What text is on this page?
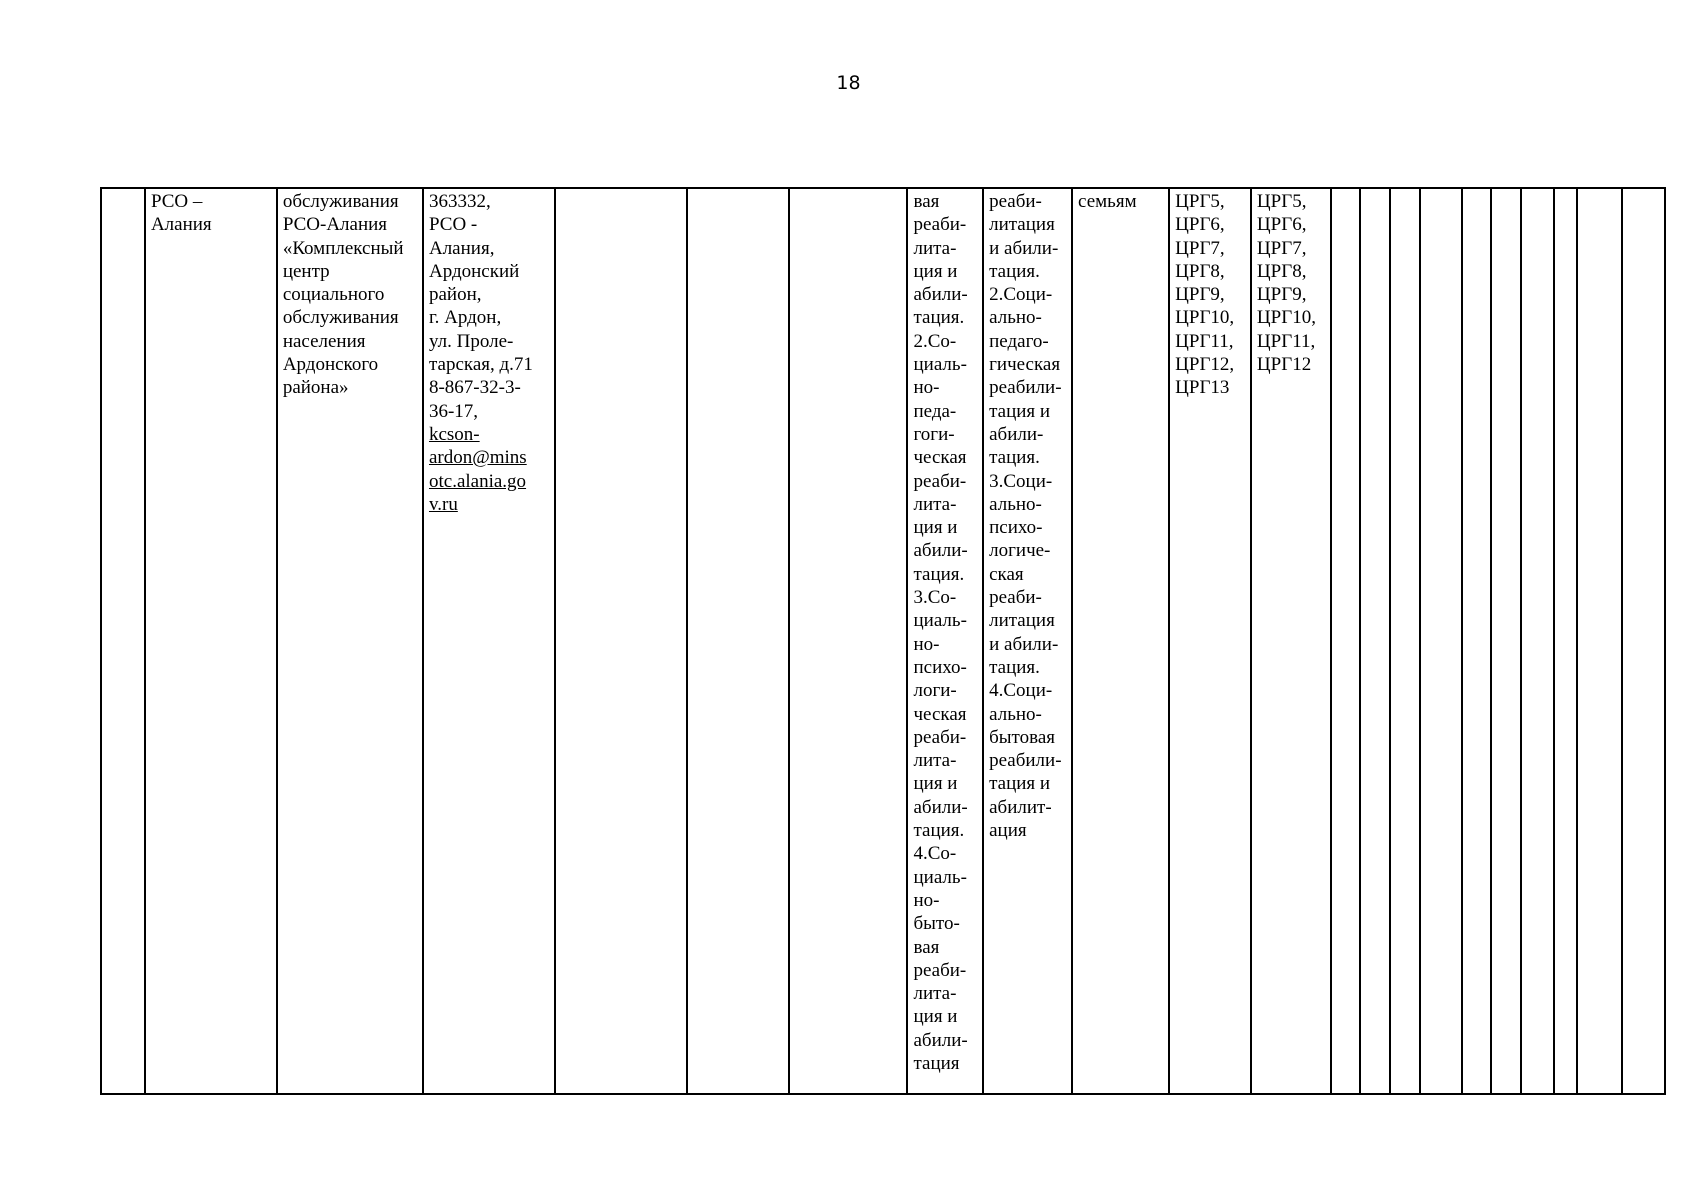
18
	РСО –
Алания	обслуживания
РСО-Алания
«Комплексный
центр
социального
обслуживания
населения
Ардонского
района»	363332,
РСО -
Алания,
Ардонский
район,
г. Ардон,
ул. Проле-
тарская, д.71
8-867-32-3-
36-17,
kcson-
ardon@mins
otc.alania.go
v.ru				вая
реаби-
лита-
ция и
абили-
тация.
2.Со-
циаль-
но-
педа-
гоги-
ческая
реаби-
лита-
ция и
абили-
тация.
3.Со-
циаль-
но-
психо-
логи-
ческая
реаби-
лита-
ция и
абили-
тация.
4.Со-
циаль-
но-
быто-
вая
реаби-
лита-
ция и
абили-
тация	реаби-
литация
и абили-
тация.
2.Соци-
ально-
педаго-
гическая
реабили-
тация и
абили-
тация.
3.Соци-
ально-
психо-
логиче-
ская
реаби-
литация
и абили-
тация.
4.Соци-
ально-
бытовая
реабили-
тация и
абилит-
ация	семьям	ЦРГ5,
ЦРГ6,
ЦРГ7,
ЦРГ8,
ЦРГ9,
ЦРГ10,
ЦРГ11,
ЦРГ12,
ЦРГ13	ЦРГ5,
ЦРГ6,
ЦРГ7,
ЦРГ8,
ЦРГ9,
ЦРГ10,
ЦРГ11,
ЦРГ12										
